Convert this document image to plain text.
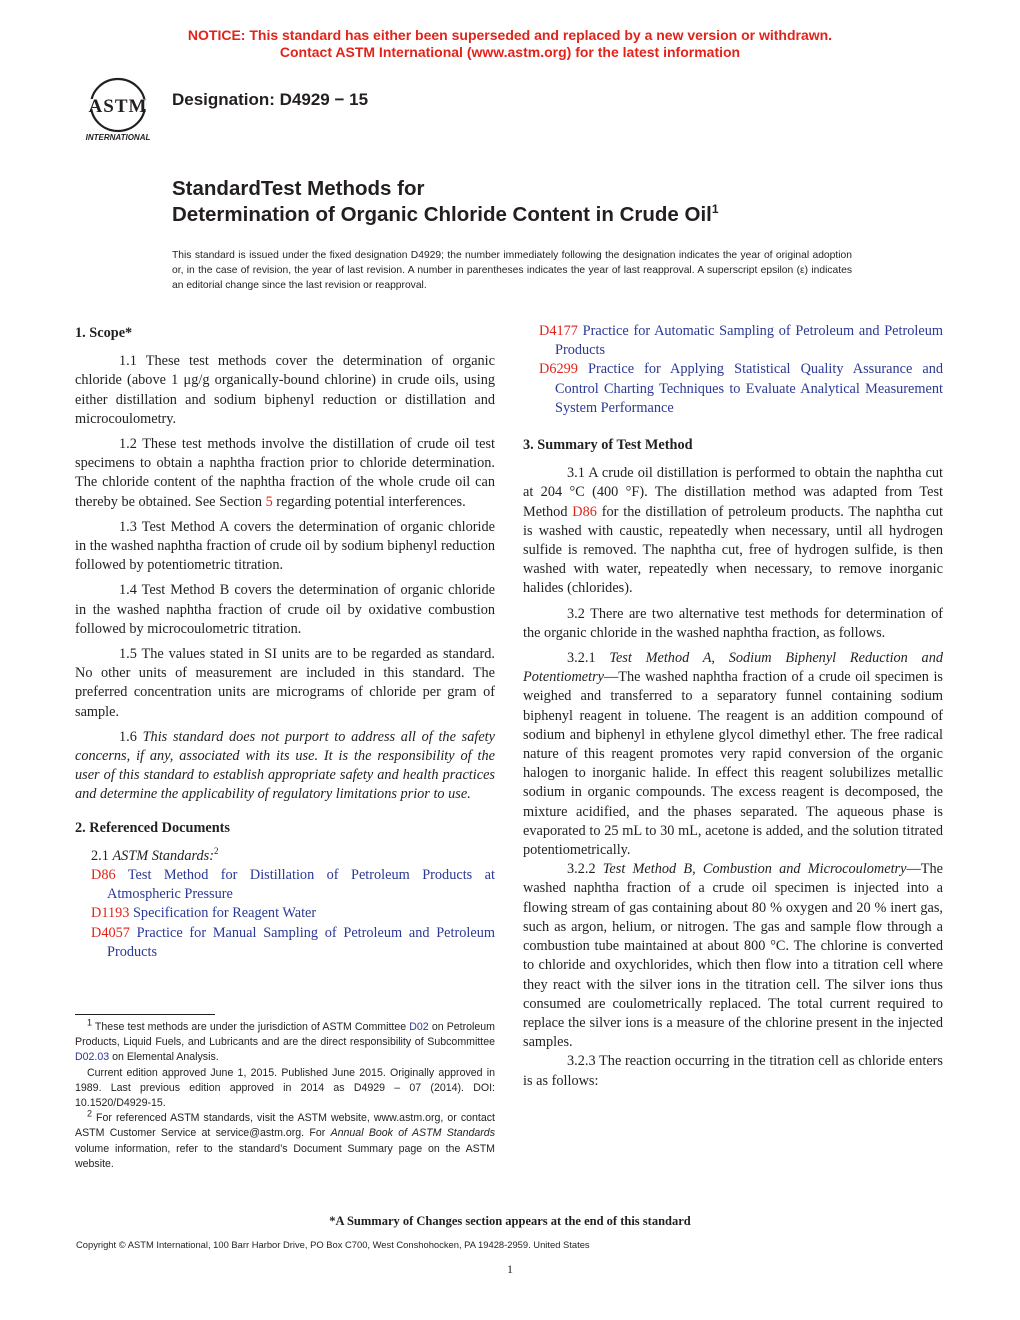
NOTICE: This standard has either been superseded and replaced by a new version or withdrawn.
Contact ASTM International (www.astm.org) for the latest information
ASTM
INTERNATIONAL
Designation: D4929 − 15
StandardTest Methods for
Determination of Organic Chloride Content in Crude Oil$^1$
This standard is issued under the fixed designation D4929; the number immediately following the designation indicates the year of original adoption or, in the case of revision, the year of last revision. A number in parentheses indicates the year of last reapproval. A superscript epsilon (ε) indicates an editorial change since the last revision or reapproval.
1. Scope*

1.1 These test methods cover the determination of organic chloride (above 1 μg/g organically-bound chlorine) in crude oils, using either distillation and sodium biphenyl reduction or distillation and microcoulometry.

1.2 These test methods involve the distillation of crude oil test specimens to obtain a naphtha fraction prior to chloride determination. The chloride content of the naphtha fraction of the whole crude oil can thereby be obtained. See Section 5 regarding potential interferences.

1.3 Test Method A covers the determination of organic chloride in the washed naphtha fraction of crude oil by sodium biphenyl reduction followed by potentiometric titration.

1.4 Test Method B covers the determination of organic chloride in the washed naphtha fraction of crude oil by oxidative combustion followed by microcoulometric titration.

1.5 The values stated in SI units are to be regarded as standard. No other units of measurement are included in this standard. The preferred concentration units are micrograms of chloride per gram of sample.

1.6 This standard does not purport to address all of the safety concerns, if any, associated with its use. It is the responsibility of the user of this standard to establish appropriate safety and health practices and determine the applicability of regulatory limitations prior to use.

2. Referenced Documents

2.1 ASTM Standards:$^2$

D86 Test Method for Distillation of Petroleum Products at Atmospheric Pressure

D1193 Specification for Reagent Water

D4057 Practice for Manual Sampling of Petroleum and Petroleum Products

$^1$ These test methods are under the jurisdiction of ASTM Committee D02 on Petroleum Products, Liquid Fuels, and Lubricants and are the direct responsibility of Subcommittee D02.03 on Elemental Analysis.

Current edition approved June 1, 2015. Published June 2015. Originally approved in 1989. Last previous edition approved in 2014 as D4929 – 07 (2014). DOI: 10.1520/D4929-15.

$^2$ For referenced ASTM standards, visit the ASTM website, www.astm.org, or contact ASTM Customer Service at service@astm.org. For Annual Book of ASTM Standards volume information, refer to the standard’s Document Summary page on the ASTM website.

D4177 Practice for Automatic Sampling of Petroleum and Petroleum Products

D6299 Practice for Applying Statistical Quality Assurance and Control Charting Techniques to Evaluate Analytical Measurement System Performance

3. Summary of Test Method

3.1 A crude oil distillation is performed to obtain the naphtha cut at 204 °C (400 °F). The distillation method was adapted from Test Method D86 for the distillation of petroleum products. The naphtha cut is washed with caustic, repeatedly when necessary, until all hydrogen sulfide is removed. The naphtha cut, free of hydrogen sulfide, is then washed with water, repeatedly when necessary, to remove inorganic halides (chlorides).

3.2 There are two alternative test methods for determination of the organic chloride in the washed naphtha fraction, as follows.

3.2.1 Test Method A, Sodium Biphenyl Reduction and Potentiometry—The washed naphtha fraction of a crude oil specimen is weighed and transferred to a separatory funnel containing sodium biphenyl reagent in toluene. The reagent is an addition compound of sodium and biphenyl in ethylene glycol dimethyl ether. The free radical nature of this reagent promotes very rapid conversion of the organic halogen to inorganic halide. In effect this reagent solubilizes metallic sodium in organic compounds. The excess reagent is decomposed, the mixture acidified, and the phases separated. The aqueous phase is evaporated to 25 mL to 30 mL, acetone is added, and the solution titrated potentiometrically.

3.2.2 Test Method B, Combustion and Microcoulometry—The washed naphtha fraction of a crude oil specimen is injected into a flowing stream of gas containing about 80 % oxygen and 20 % inert gas, such as argon, helium, or nitrogen. The gas and sample flow through a combustion tube maintained at about 800 °C. The chlorine is converted to chloride and oxychlorides, which then flow into a titration cell where they react with the silver ions in the titration cell. The silver ions thus consumed are coulometrically replaced. The total current required to replace the silver ions is a measure of the chlorine present in the injected samples.

3.2.3 The reaction occurring in the titration cell as chloride enters is as follows:

*A Summary of Changes section appears at the end of this standard
Copyright © ASTM International, 100 Barr Harbor Drive, PO Box C700, West Conshohocken, PA 19428-2959. United States
1
